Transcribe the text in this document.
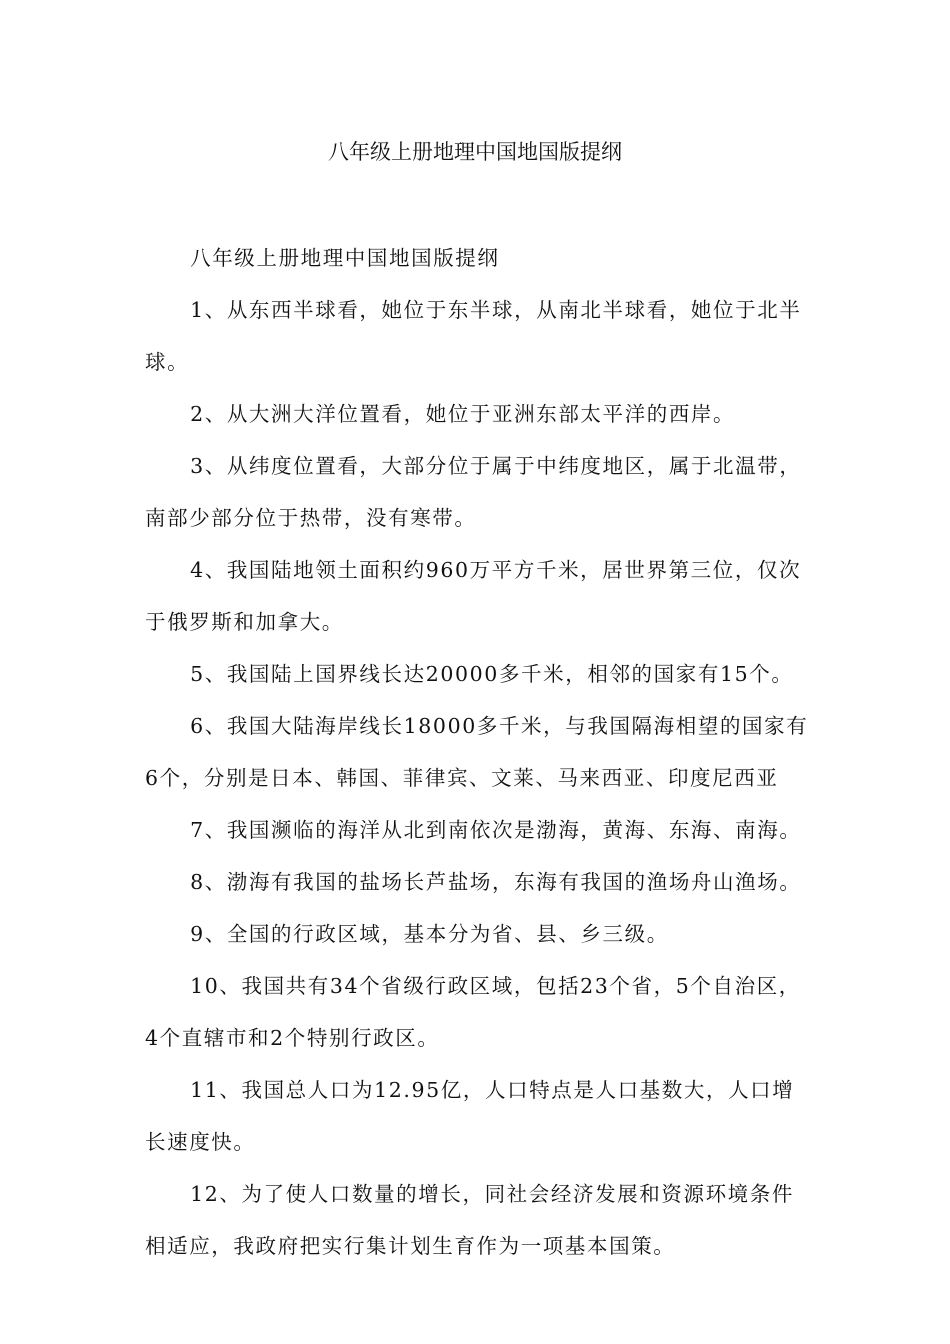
八年级上册地理中国地国版提纲

八年级上册地理中国地国版提纲

1、从东西半球看，她位于东半球，从南北半球看，她位于北半球。

2、从大洲大洋位置看，她位于亚洲东部太平洋的西岸。

3、从纬度位置看，大部分位于属于中纬度地区，属于北温带，南部少部分位于热带，没有寒带。

4、我国陆地领土面积约960万平方千米，居世界第三位，仅次于俄罗斯和加拿大。

5、我国陆上国界线长达20000多千米，相邻的国家有15个。

6、我国大陆海岸线长18000多千米，与我国隔海相望的国家有6个，分别是日本、韩国、菲律宾、文莱、马来西亚、印度尼西亚

7、我国濒临的海洋从北到南依次是渤海，黄海、东海、南海。

8、渤海有我国的盐场长芦盐场，东海有我国的渔场舟山渔场。

9、全国的行政区域，基本分为省、县、乡三级。

10、我国共有34个省级行政区域，包括23个省，5个自治区，4个直辖市和2个特别行政区。

11、我国总人口为12.95亿，人口特点是人口基数大，人口增长速度快。

12、为了使人口数量的增长，同社会经济发展和资源环境条件相适应，我政府把实行集计划生育作为一项基本国策。
